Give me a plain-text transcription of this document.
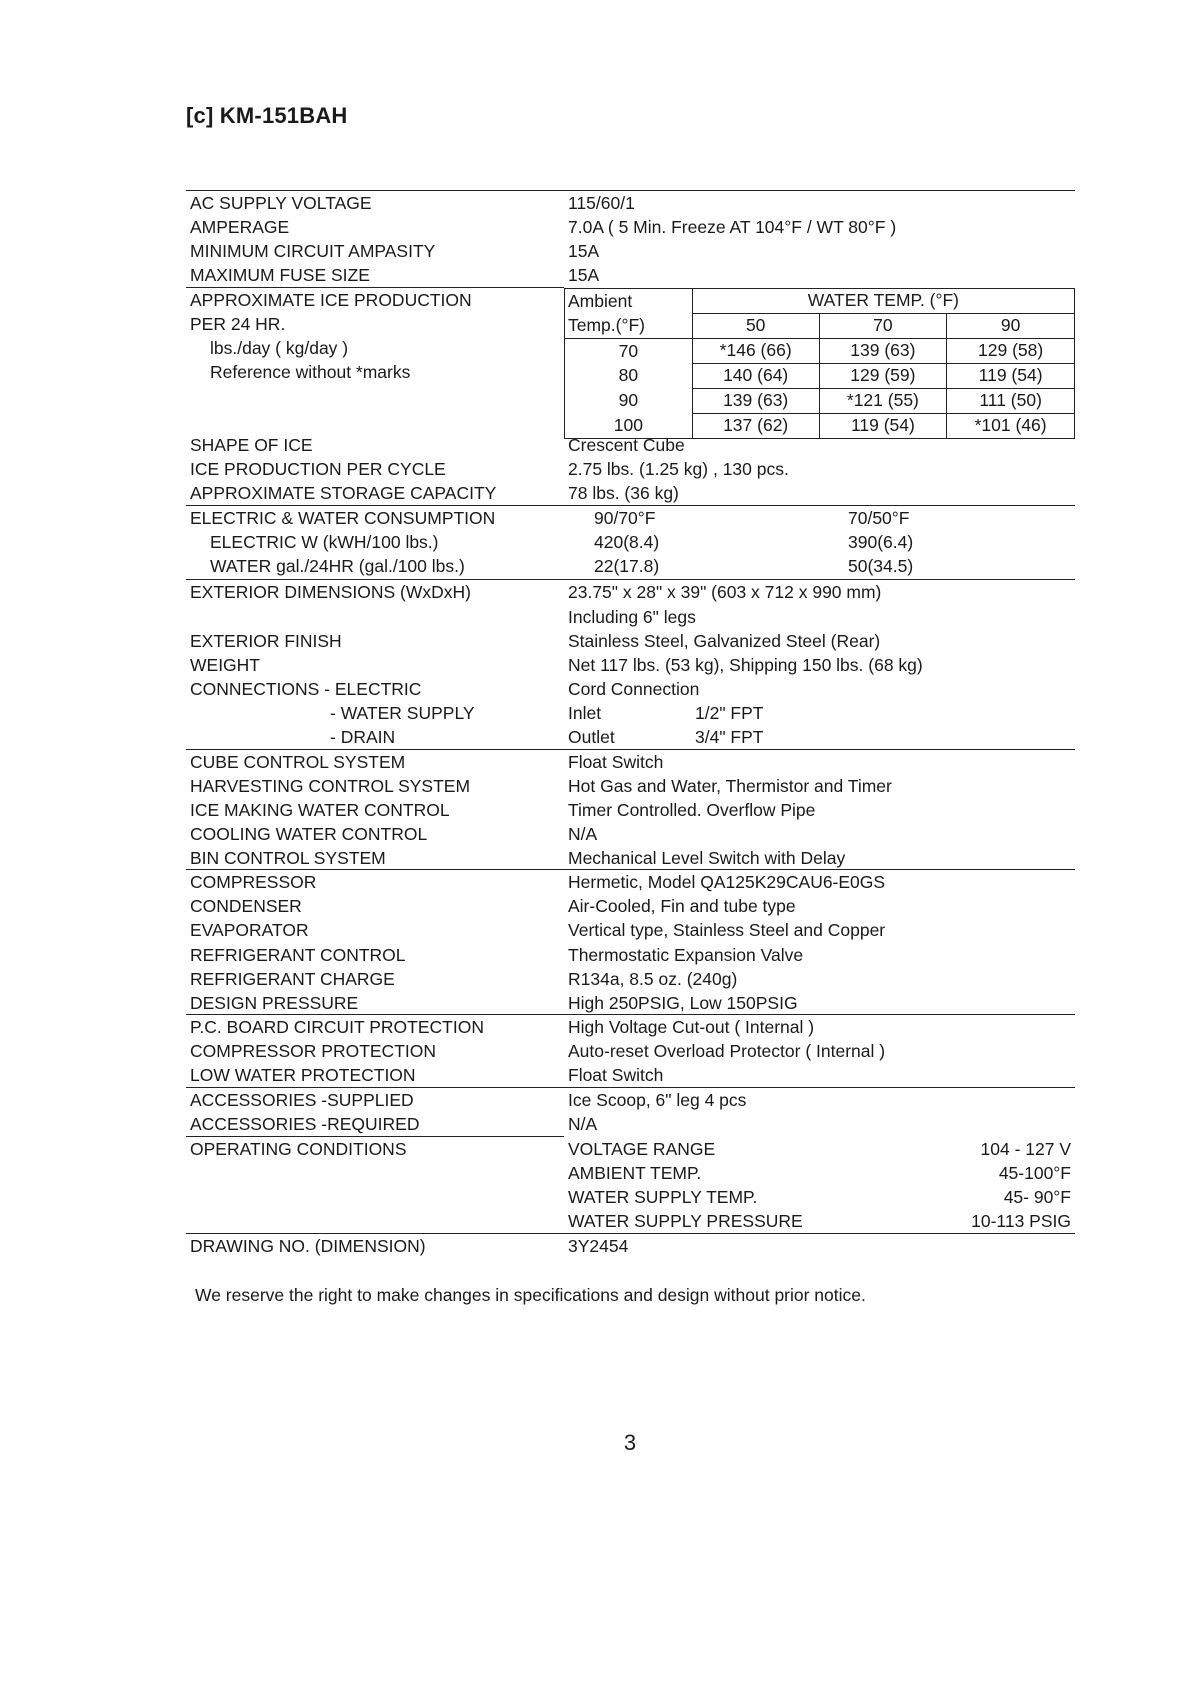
[c] KM-151BAH
AC SUPPLY VOLTAGE	115/60/1
AMPERAGE	7.0A ( 5 Min. Freeze AT 104°F / WT 80°F )
MINIMUM CIRCUIT AMPASITY	15A
MAXIMUM FUSE SIZE	15A
APPROXIMATE ICE PRODUCTION
PER 24 HR.
lbs./day ( kg/day )
Reference without *marks
Ambient	WATER TEMP. (°F)		
Temp.(°F)	50	70	90
70	*146 (66)	139 (63)	129 (58)
80	140 (64)	129 (59)	119 (54)
90	139 (63)	*121 (55)	111 (50)
100	137 (62)	119 (54)	*101 (46)
SHAPE OF ICE	Crescent Cube
ICE PRODUCTION PER CYCLE	2.75 lbs. (1.25 kg) , 130 pcs.
APPROXIMATE STORAGE CAPACITY	78 lbs. (36 kg)
ELECTRIC & WATER CONSUMPTION	90/70°F	70/50°F
ELECTRIC W (kWH/100 lbs.)	420(8.4)	390(6.4)
WATER gal./24HR (gal./100 lbs.)	22(17.8)	50(34.5)
EXTERIOR DIMENSIONS (WxDxH)	23.75" x 28" x 39" (603 x 712 x 990 mm)
Including 6" legs
EXTERIOR FINISH	Stainless Steel, Galvanized Steel (Rear)
WEIGHT	Net 117 lbs. (53 kg), Shipping 150 lbs. (68 kg)
CONNECTIONS - ELECTRIC	Cord Connection
- WATER SUPPLY	Inlet	1/2" FPT
- DRAIN	Outlet	3/4" FPT
CUBE CONTROL SYSTEM	Float Switch
HARVESTING CONTROL SYSTEM	Hot Gas and Water, Thermistor and Timer
ICE MAKING WATER CONTROL	Timer Controlled. Overflow Pipe
COOLING WATER CONTROL	N/A
BIN CONTROL SYSTEM	Mechanical Level Switch with Delay
COMPRESSOR	Hermetic, Model QA125K29CAU6-E0GS
CONDENSER	Air-Cooled, Fin and tube type
EVAPORATOR	Vertical type, Stainless Steel and Copper
REFRIGERANT CONTROL	Thermostatic Expansion Valve
REFRIGERANT CHARGE	R134a, 8.5 oz. (240g)
DESIGN PRESSURE	High 250PSIG, Low 150PSIG
P.C. BOARD CIRCUIT PROTECTION	High Voltage Cut-out ( Internal )
COMPRESSOR PROTECTION	Auto-reset Overload Protector ( Internal )
LOW WATER PROTECTION	Float Switch
ACCESSORIES -SUPPLIED	Ice Scoop, 6" leg 4 pcs
ACCESSORIES -REQUIRED	N/A
OPERATING CONDITIONS	VOLTAGE RANGE	104 - 127 V
AMBIENT TEMP.	45-100°F
WATER SUPPLY TEMP.	45- 90°F
WATER SUPPLY PRESSURE	10-113 PSIG
DRAWING NO. (DIMENSION)	3Y2454
We reserve the right to make changes in specifications and design without prior notice.
3
